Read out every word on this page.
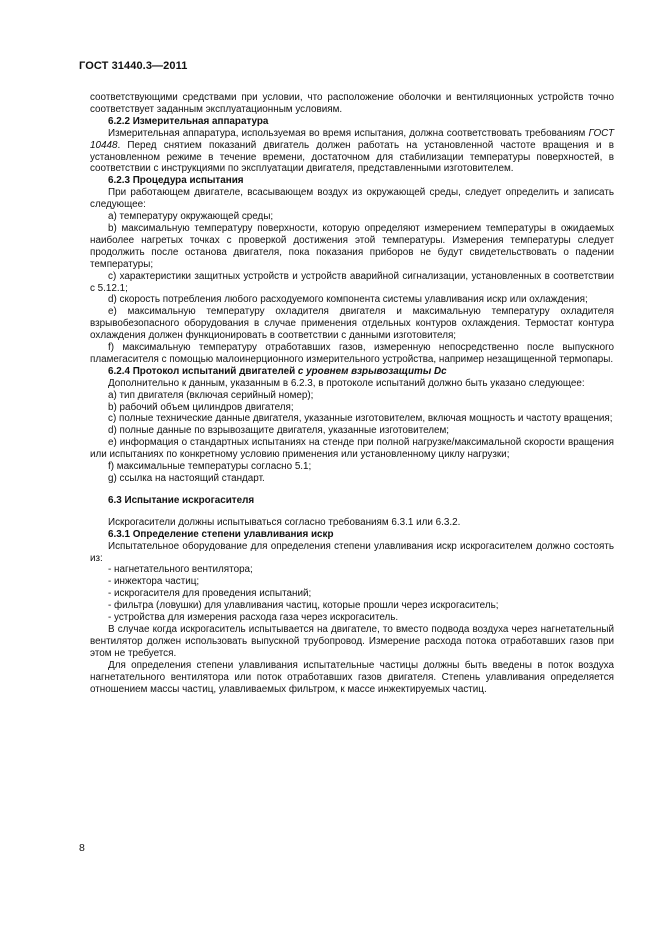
ГОСТ 31440.3—2011

соответствующими средствами при условии, что расположение оболочки и вентиляционных устройств точно соответствует заданным эксплуатационным условиям.

6.2.2 Измерительная аппаратура

Измерительная аппаратура, используемая во время испытания, должна соответствовать требованиям ГОСТ 10448. Перед снятием показаний двигатель должен работать на установленной частоте вращения и в установленном режиме в течение времени, достаточном для стабилизации температуры поверхностей, в соответствии с инструкциями по эксплуатации двигателя, представленными изготовителем.

6.2.3 Процедура испытания

При работающем двигателе, всасывающем воздух из окружающей среды, следует определить и записать следующее:

а) температуру окружающей среды;

b) максимальную температуру поверхности, которую определяют измерением температуры в ожидаемых наиболее нагретых точках с проверкой достижения этой температуры. Измерения температуры следует продолжить после останова двигателя, пока показания приборов не будут свидетельствовать о падении температуры;

c) характеристики защитных устройств и устройств аварийной сигнализации, установленных в соответствии с 5.12.1;

d) скорость потребления любого расходуемого компонента системы улавливания искр или охлаждения;

e) максимальную температуру охладителя двигателя и максимальную температуру охладителя взрывобезопасного оборудования в случае применения отдельных контуров охлаждения. Термостат контура охлаждения должен функционировать в соответствии с данными изготовителя;

f) максимальную температуру отработавших газов, измеренную непосредственно после выпускного пламегасителя с помощью малоинерционного измерительного устройства, например незащищенной термопары.

6.2.4 Протокол испытаний двигателей с уровнем взрывозащиты Dc

Дополнительно к данным, указанным в 6.2.3, в протоколе испытаний должно быть указано следующее:

а) тип двигателя (включая серийный номер);

b) рабочий объем цилиндров двигателя;

c) полные технические данные двигателя, указанные изготовителем, включая мощность и частоту вращения;

d) полные данные по взрывозащите двигателя, указанные изготовителем;

e) информация о стандартных испытаниях на стенде при полной нагрузке/максимальной скорости вращения или испытаниях по конкретному условию применения или установленному циклу нагрузки;

f) максимальные температуры согласно 5.1;

g) ссылка на настоящий стандарт.

6.3 Испытание искрогасителя

Искрогасители должны испытываться согласно требованиям 6.3.1 или 6.3.2.

6.3.1 Определение степени улавливания искр

Испытательное оборудование для определения степени улавливания искр искрогасителем должно состоять из:

- нагнетательного вентилятора;

- инжектора частиц;

- искрогасителя для проведения испытаний;

- фильтра (ловушки) для улавливания частиц, которые прошли через искрогаситель;

- устройства для измерения расхода газа через искрогаситель.

В случае когда искрогаситель испытывается на двигателе, то вместо подвода воздуха через нагнетательный вентилятор должен использовать выпускной трубопровод. Измерение расхода потока отработавших газов при этом не требуется.

Для определения степени улавливания испытательные частицы должны быть введены в поток воздуха нагнетательного вентилятора или поток отработавших газов двигателя. Степень улавливания определяется отношением массы частиц, улавливаемых фильтром, к массе инжектируемых частиц.

8
